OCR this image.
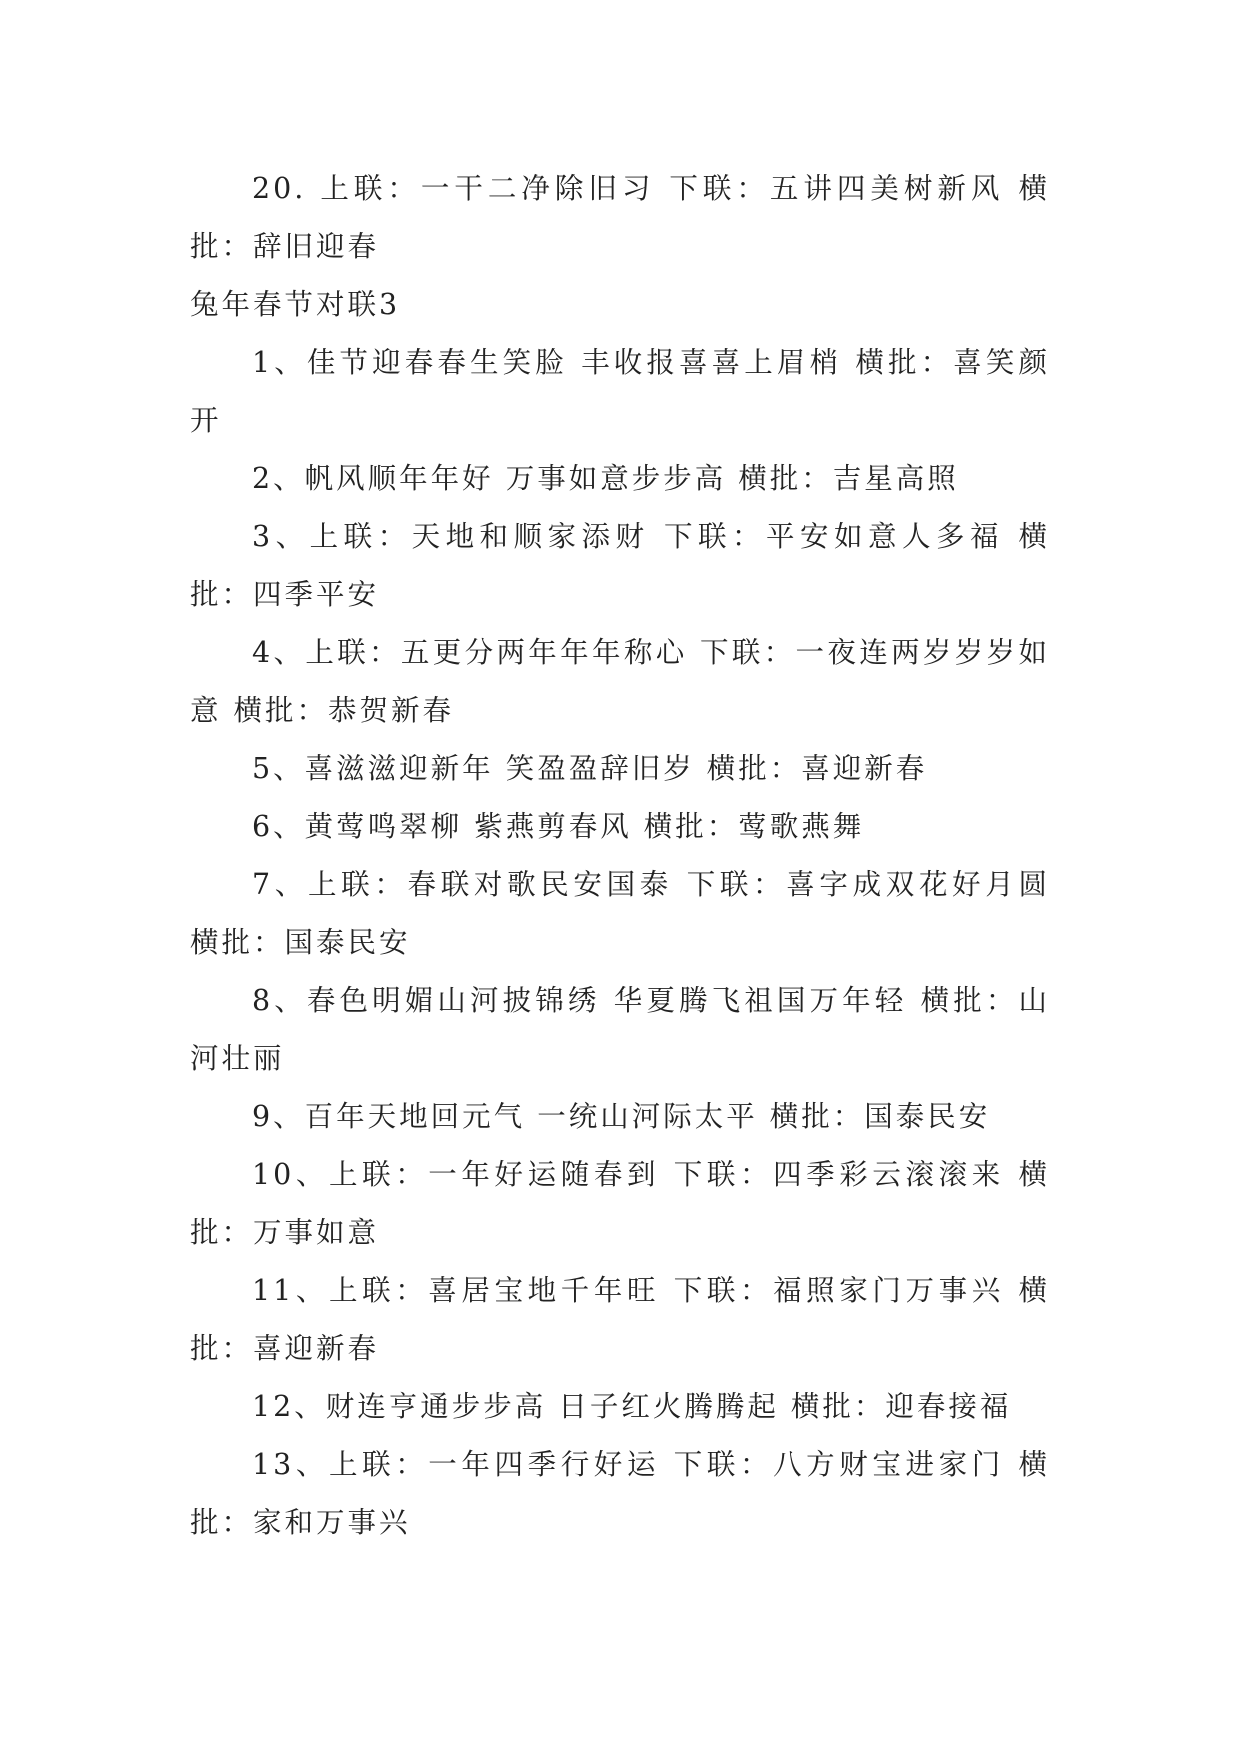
20. 上联：一干二净除旧习 下联：五讲四美树新风 横批：辞旧迎春

兔年春节对联3

1、佳节迎春春生笑脸 丰收报喜喜上眉梢 横批：喜笑颜开

2、帆风顺年年好 万事如意步步高 横批：吉星高照

3、上联：天地和顺家添财 下联：平安如意人多福 横批：四季平安

4、上联：五更分两年年年称心 下联：一夜连两岁岁岁如意 横批：恭贺新春

5、喜滋滋迎新年 笑盈盈辞旧岁 横批：喜迎新春

6、黄莺鸣翠柳 紫燕剪春风 横批：莺歌燕舞

7、上联：春联对歌民安国泰 下联：喜字成双花好月圆 横批：国泰民安

8、春色明媚山河披锦绣 华夏腾飞祖国万年轻 横批：山河壮丽

9、百年天地回元气 一统山河际太平 横批：国泰民安

10、上联：一年好运随春到 下联：四季彩云滚滚来 横批：万事如意

11、上联：喜居宝地千年旺 下联：福照家门万事兴 横批：喜迎新春

12、财连亨通步步高 日子红火腾腾起 横批：迎春接福

13、上联：一年四季行好运 下联：八方财宝进家门 横批：家和万事兴
